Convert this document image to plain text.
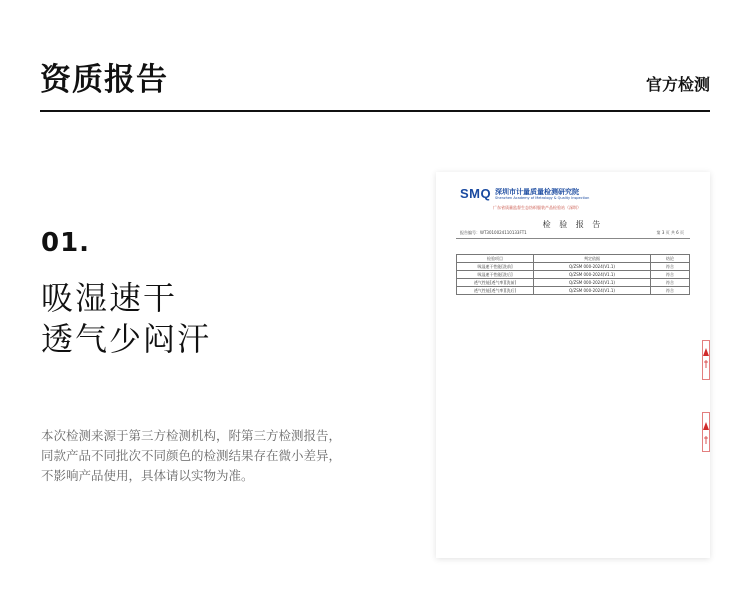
资质报告	官方检测
01.
吸湿速干
透气少闷汗
本次检测来源于第三方检测机构，附第三方检测报告，
同款产品不同批次不同颜色的检测结果存在微小差异，
不影响产品使用，具体请以实物为准。
SMQ 深圳市计量质量检测研究院
Shenzhen Academy of Metrology & Quality Inspection
广东省质量监督生态纺织服装产品检验站（深圳）
检 验 报 告
报告编号：WT3010024110133FT1	第 3 页 共 6 页
检验项目	判定依据	结论
吸湿速干性能[洗前]	Q/ZSM 000-2024(V1.1)	符合
吸湿速干性能[洗后]	Q/ZSM 000-2024(V1.1)	符合
透气性能[透气率][洗前]	Q/ZSM 000-2024(V1.1)	符合
透气性能[透气率][洗后]	Q/ZSM 000-2024(V1.1)	符合
